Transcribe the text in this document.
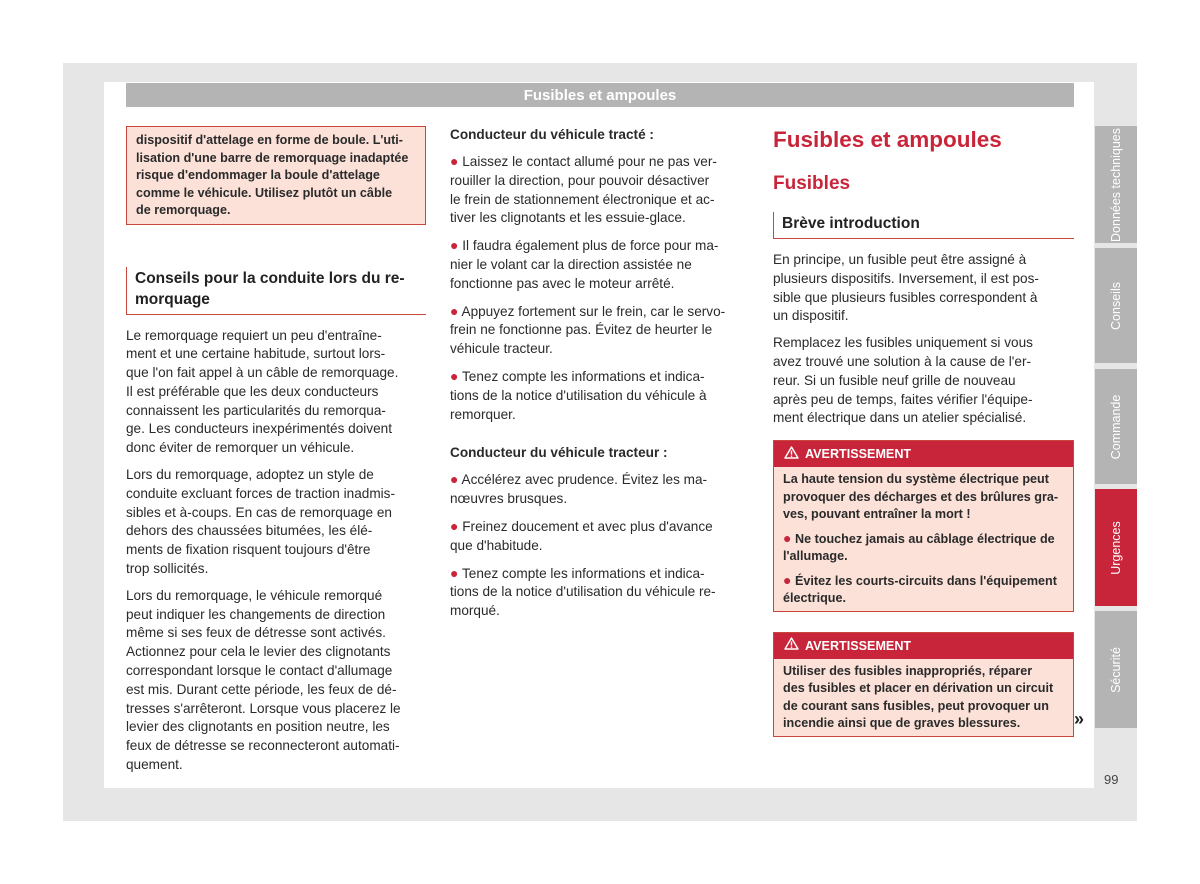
Fusibles et ampoules

dispositif d'attelage en forme de boule. L'uti-
lisation d'une barre de remorquage inadaptée
risque d'endommager la boule d'attelage
comme le véhicule. Utilisez plutôt un câble
de remorquage.

Conseils pour la conduite lors du re-
morquage

Le remorquage requiert un peu d'entraîne-
ment et une certaine habitude, surtout lors-
que l'on fait appel à un câble de remorquage.
Il est préférable que les deux conducteurs
connaissent les particularités du remorqua-
ge. Les conducteurs inexpérimentés doivent
donc éviter de remorquer un véhicule.

Lors du remorquage, adoptez un style de
conduite excluant forces de traction inadmis-
sibles et à-coups. En cas de remorquage en
dehors des chaussées bitumées, les élé-
ments de fixation risquent toujours d'être
trop sollicités.

Lors du remorquage, le véhicule remorqué
peut indiquer les changements de direction
même si ses feux de détresse sont activés.
Actionnez pour cela le levier des clignotants
correspondant lorsque le contact d'allumage
est mis. Durant cette période, les feux de dé-
tresses s'arrêteront. Lorsque vous placerez le
levier des clignotants en position neutre, les
feux de détresse se reconnecteront automati-
quement.

Conducteur du véhicule tracté :

● Laissez le contact allumé pour ne pas ver-
rouiller la direction, pour pouvoir désactiver
le frein de stationnement électronique et ac-
tiver les clignotants et les essuie-glace.

● Il faudra également plus de force pour ma-
nier le volant car la direction assistée ne
fonctionne pas avec le moteur arrêté.

● Appuyez fortement sur le frein, car le servo-
frein ne fonctionne pas. Évitez de heurter le
véhicule tracteur.

● Tenez compte les informations et indica-
tions de la notice d'utilisation du véhicule à
remorquer.

Conducteur du véhicule tracteur :

● Accélérez avec prudence. Évitez les ma-
nœuvres brusques.

● Freinez doucement et avec plus d'avance
que d'habitude.

● Tenez compte les informations et indica-
tions de la notice d'utilisation du véhicule re-
morqué.

Fusibles et ampoules
Fusibles
Brève introduction

En principe, un fusible peut être assigné à
plusieurs dispositifs. Inversement, il est pos-
sible que plusieurs fusibles correspondent à
un dispositif.

Remplacez les fusibles uniquement si vous
avez trouvé une solution à la cause de l'er-
reur. Si un fusible neuf grille de nouveau
après peu de temps, faites vérifier l'équipe-
ment électrique dans un atelier spécialisé.

AVERTISSEMENT

La haute tension du système électrique peut
provoquer des décharges et des brûlures gra-
ves, pouvant entraîner la mort !

● Ne touchez jamais au câblage électrique de
l'allumage.

● Évitez les courts-circuits dans l'équipement
électrique.

AVERTISSEMENT

Utiliser des fusibles inappropriés, réparer
des fusibles et placer en dérivation un circuit
de courant sans fusibles, peut provoquer un
incendie ainsi que de graves blessures.	»
Données techniques
Conseils
Commande
Urgences
Sécurité
99
